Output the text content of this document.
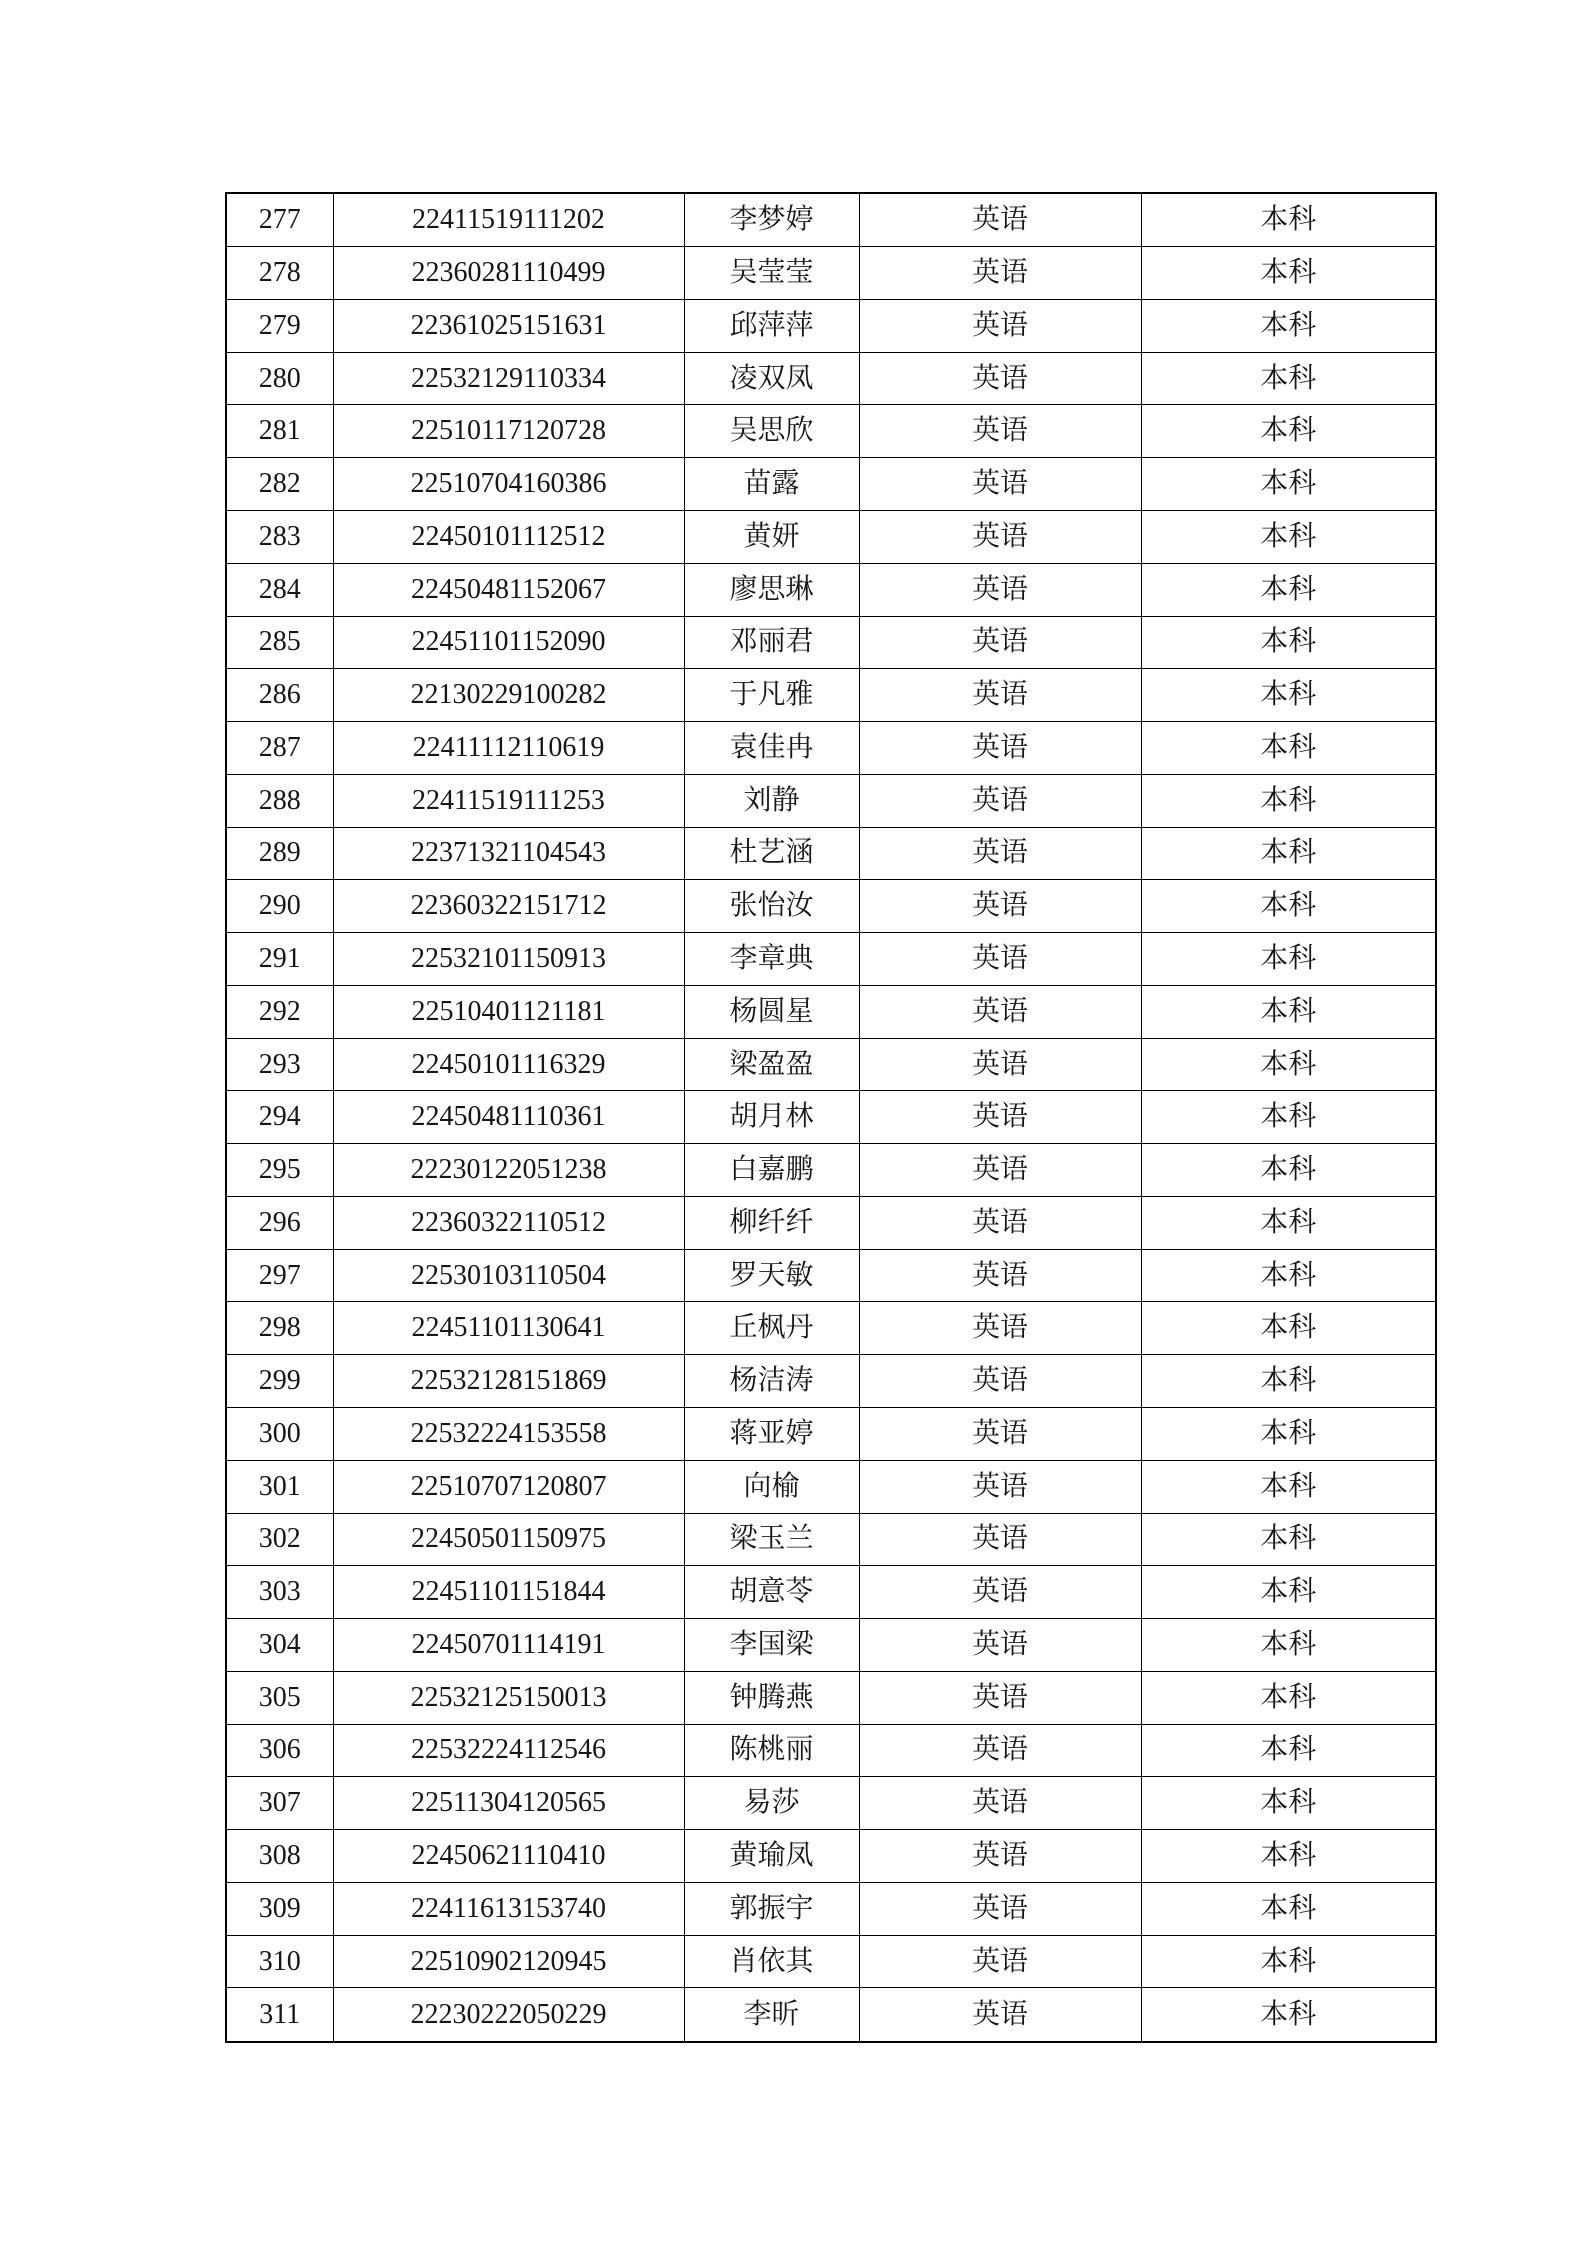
277	22411519111202	李梦婷	英语	本科
278	22360281110499	吴莹莹	英语	本科
279	22361025151631	邱萍萍	英语	本科
280	22532129110334	凌双凤	英语	本科
281	22510117120728	吴思欣	英语	本科
282	22510704160386	苗露	英语	本科
283	22450101112512	黄妍	英语	本科
284	22450481152067	廖思琳	英语	本科
285	22451101152090	邓丽君	英语	本科
286	22130229100282	于凡雅	英语	本科
287	22411112110619	袁佳冉	英语	本科
288	22411519111253	刘静	英语	本科
289	22371321104543	杜艺涵	英语	本科
290	22360322151712	张怡汝	英语	本科
291	22532101150913	李章典	英语	本科
292	22510401121181	杨圆星	英语	本科
293	22450101116329	梁盈盈	英语	本科
294	22450481110361	胡月林	英语	本科
295	22230122051238	白嘉鹏	英语	本科
296	22360322110512	柳纤纤	英语	本科
297	22530103110504	罗天敏	英语	本科
298	22451101130641	丘枫丹	英语	本科
299	22532128151869	杨洁涛	英语	本科
300	22532224153558	蒋亚婷	英语	本科
301	22510707120807	向榆	英语	本科
302	22450501150975	梁玉兰	英语	本科
303	22451101151844	胡意苓	英语	本科
304	22450701114191	李国梁	英语	本科
305	22532125150013	钟腾燕	英语	本科
306	22532224112546	陈桃丽	英语	本科
307	22511304120565	易莎	英语	本科
308	22450621110410	黄瑜凤	英语	本科
309	22411613153740	郭振宇	英语	本科
310	22510902120945	肖依其	英语	本科
311	22230222050229	李昕	英语	本科
